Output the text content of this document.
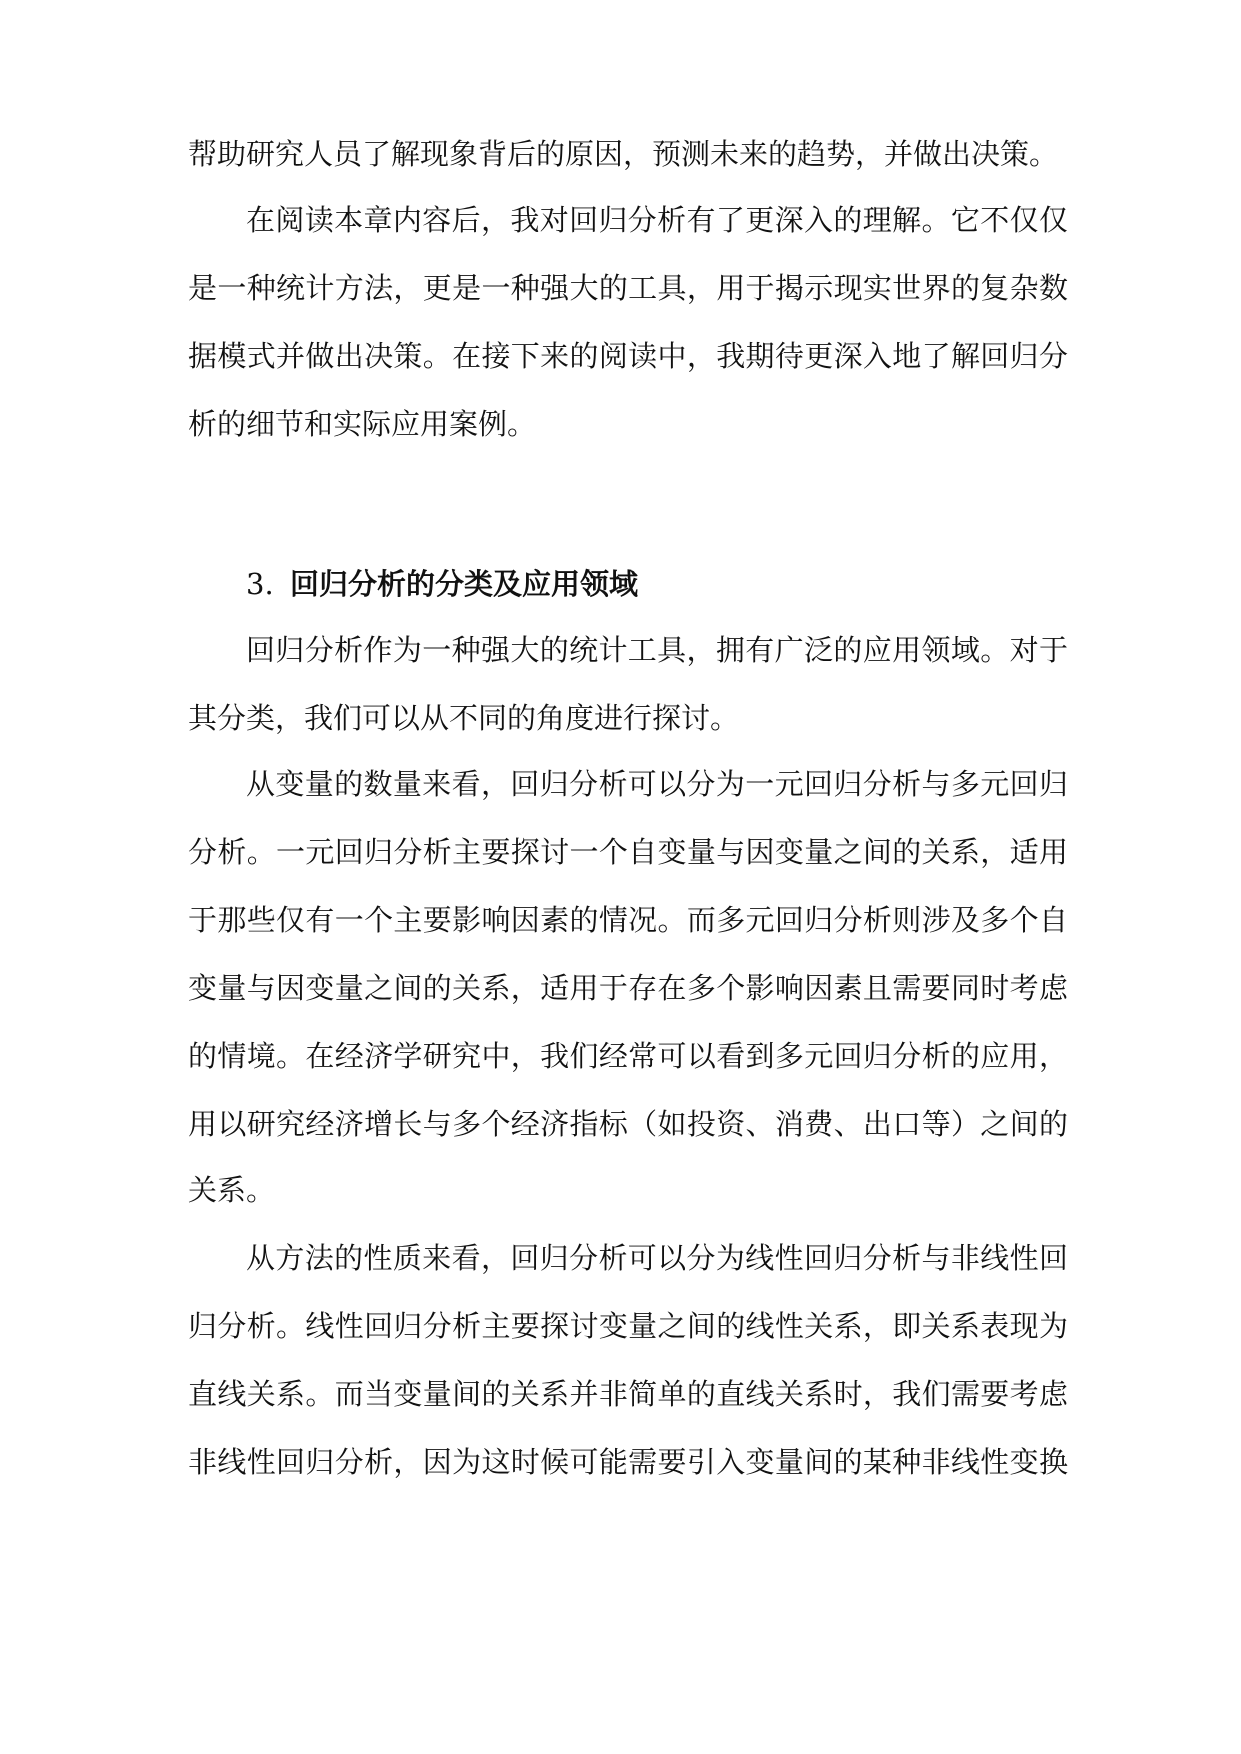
帮助研究人员了解现象背后的原因，预测未来的趋势，并做出决策。
在阅读本章内容后，我对回归分析有了更深入的理解。它不仅仅
是一种统计方法，更是一种强大的工具，用于揭示现实世界的复杂数
据模式并做出决策。在接下来的阅读中，我期待更深入地了解回归分
析的细节和实际应用案例。
3. 回归分析的分类及应用领域
回归分析作为一种强大的统计工具，拥有广泛的应用领域。对于
其分类，我们可以从不同的角度进行探讨。
从变量的数量来看，回归分析可以分为一元回归分析与多元回归
分析。一元回归分析主要探讨一个自变量与因变量之间的关系，适用
于那些仅有一个主要影响因素的情况。而多元回归分析则涉及多个自
变量与因变量之间的关系，适用于存在多个影响因素且需要同时考虑
的情境。在经济学研究中，我们经常可以看到多元回归分析的应用，
用以研究经济增长与多个经济指标（如投资、消费、出口等）之间的
关系。
从方法的性质来看，回归分析可以分为线性回归分析与非线性回
归分析。线性回归分析主要探讨变量之间的线性关系，即关系表现为
直线关系。而当变量间的关系并非简单的直线关系时，我们需要考虑
非线性回归分析，因为这时候可能需要引入变量间的某种非线性变换
